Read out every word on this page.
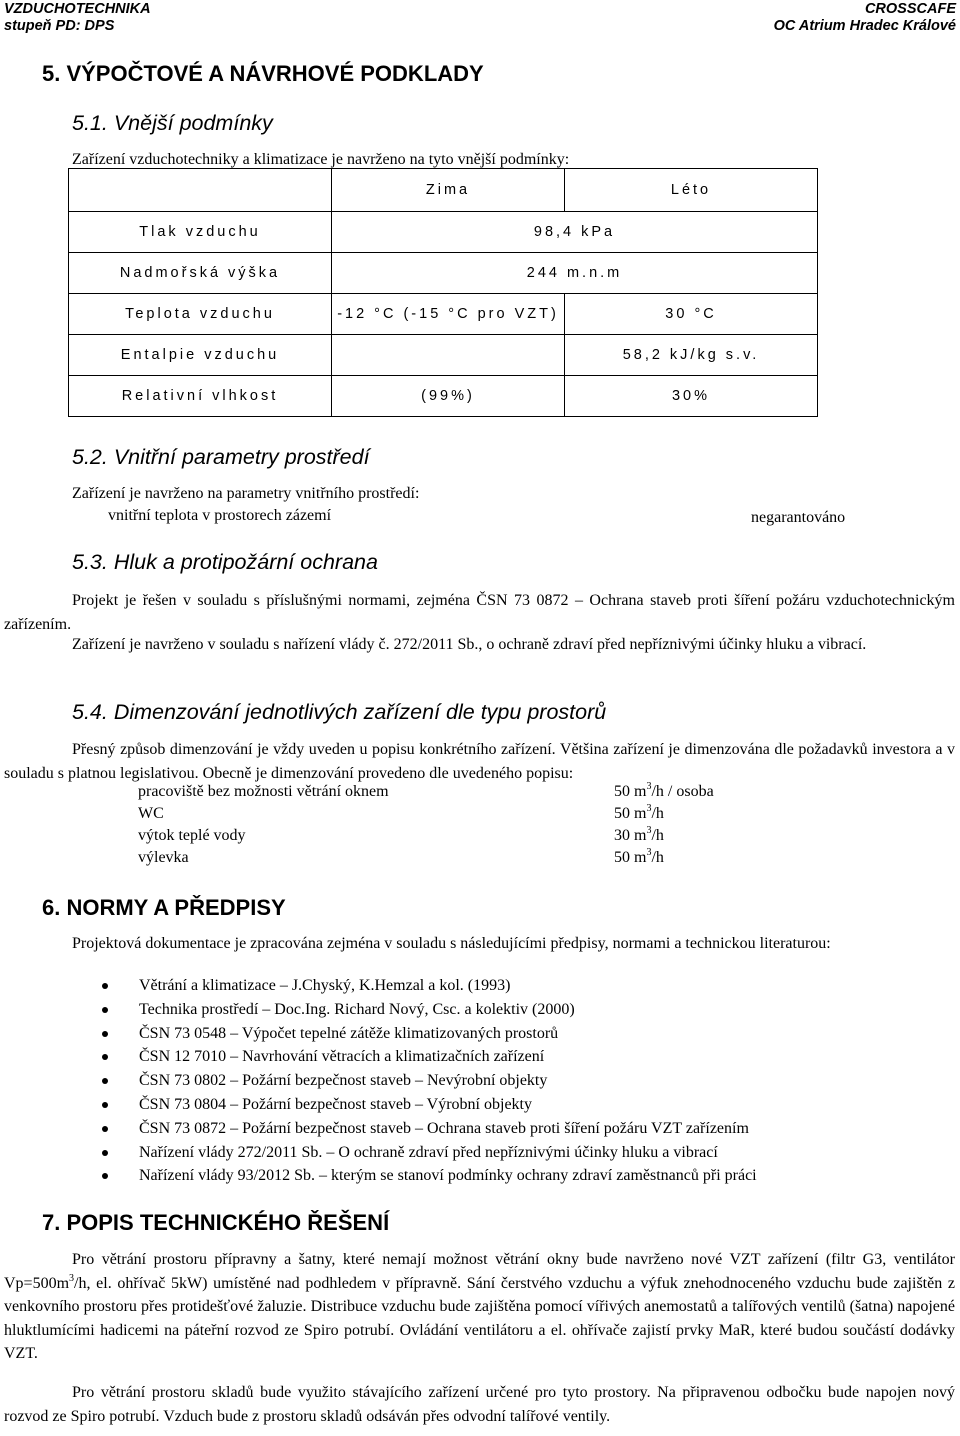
VZDUCHOTECHNIKA
stupeň PD: DPS
CROSSCAFE
OC Atrium Hradec Králové
5. VÝPOČTOVÉ A NÁVRHOVÉ PODKLADY
5.1. Vnější podmínky
Zařízení vzduchotechniky a klimatizace je navrženo na tyto vnější podmínky:
	Zima	Léto
Tlak vzduchu	98,4 kPa	
Nadmořská výška	244 m.n.m	
Teplota vzduchu	-12 °C (-15 °C pro VZT)	30 °C
Entalpie vzduchu		58,2 kJ/kg s.v.
Relativní vlhkost	(99%)	30%
5.2. Vnitřní parametry prostředí
Zařízení je navrženo na parametry vnitřního prostředí:
vnitřní teplota v prostorech zázemí	negarantováno
5.3. Hluk a protipožární ochrana
Projekt je řešen v souladu s příslušnými normami, zejména ČSN 73 0872 – Ochrana staveb proti šíření požáru vzduchotechnickým zařízením.
Zařízení je navrženo v souladu s nařízení vlády č. 272/2011 Sb., o ochraně zdraví před nepříznivými účinky hluku a vibrací.
5.4. Dimenzování jednotlivých zařízení dle typu prostorů
Přesný způsob dimenzování je vždy uveden u popisu konkrétního zařízení. Většina zařízení je dimenzována dle požadavků investora a v souladu s platnou legislativou. Obecně je dimenzování provedeno dle uvedeného popisu:
pracoviště bez možnosti větrání oknem	50 $m^3/h$ / osoba
WC	50 $m^3/h$
výtok teplé vody	30 $m^3/h$
výlevka	50 $m^3/h$
6. NORMY A PŘEDPISY
Projektová dokumentace je zpracována zejména v souladu s následujícími předpisy, normami a technickou literaturou:
Větrání a klimatizace – J.Chyský, K.Hemzal a kol. (1993)
Technika prostředí – Doc.Ing. Richard Nový, Csc. a kolektiv (2000)
ČSN 73 0548 – Výpočet tepelné zátěže klimatizovaných prostorů
ČSN 12 7010 – Navrhování větracích a klimatizačních zařízení
ČSN 73 0802 – Požární bezpečnost staveb – Nevýrobní objekty
ČSN 73 0804 – Požární bezpečnost staveb – Výrobní objekty
ČSN 73 0872 – Požární bezpečnost staveb – Ochrana staveb proti šíření požáru VZT zařízením
Nařízení vlády 272/2011 Sb. – O ochraně zdraví před nepříznivými účinky hluku a vibrací
Nařízení vlády 93/2012 Sb. – kterým se stanoví podmínky ochrany zdraví zaměstnanců při práci
7. POPIS TECHNICKÉHO ŘEŠENÍ
Pro větrání prostoru přípravny a šatny, které nemají možnost větrání okny bude navrženo nové VZT zařízení (filtr G3, ventilátor $Vp=500m^3/h$, el. ohřívač 5kW) umístěné nad podhledem v přípravně. Sání čerstvého vzduchu a výfuk znehodnoceného vzduchu bude zajištěn z venkovního prostoru přes protidešťové žaluzie. Distribuce vzduchu bude zajištěna pomocí vířivých anemostatů a talířových ventilů (šatna) napojené hluktlumícími hadicemi na páteřní rozvod ze Spiro potrubí. Ovládání ventilátoru a el. ohřívače zajistí prvky MaR, které budou součástí dodávky VZT.
Pro větrání prostoru skladů bude využito stávajícího zařízení určené pro tyto prostory. Na připravenou odbočku bude napojen nový rozvod ze Spiro potrubí. Vzduch bude z prostoru skladů odsáván přes odvodní talířové ventily.
